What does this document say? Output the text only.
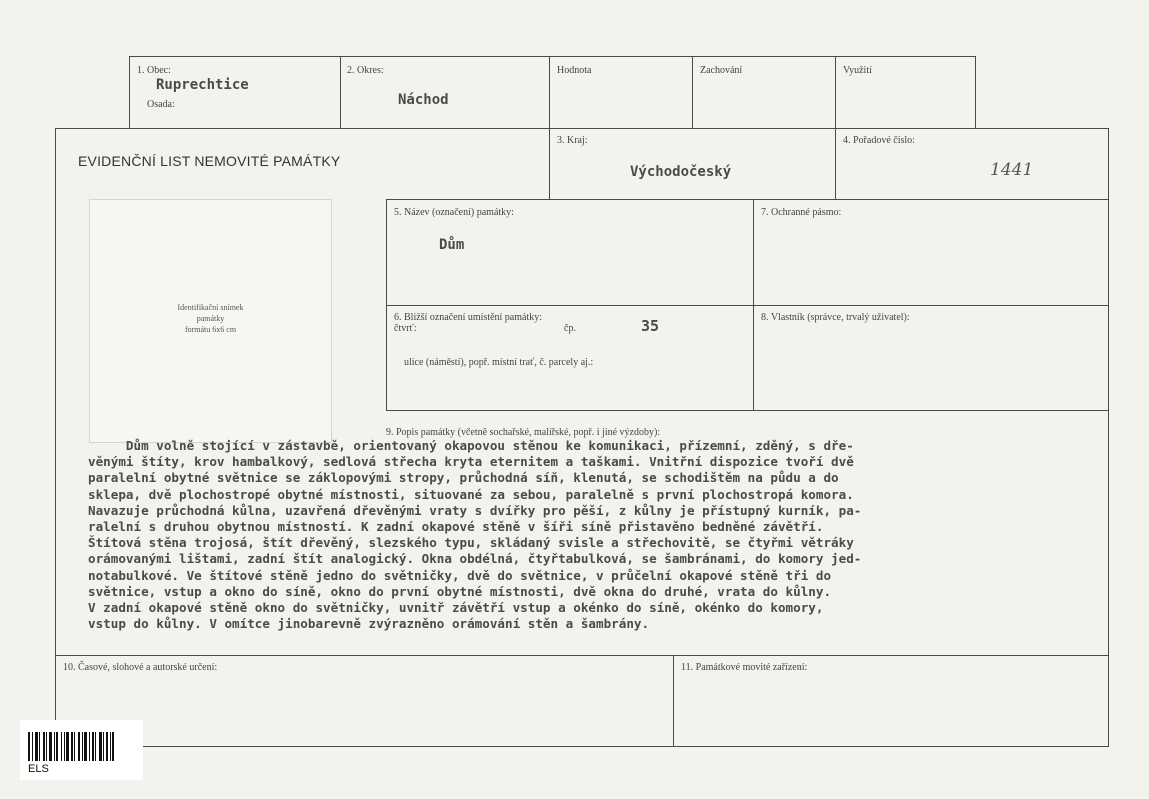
1. Obec:
Ruprechtice
Osada:
2. Okres:
Náchod
Hodnota	Zachování	Využití
EVIDENČNÍ LIST NEMOVITÉ PAMÁTKY
3. Kraj:
Východočeský
4. Pořadové číslo:
1441
Identifikační snímek
památky
formátu 6x6 cm
5. Název (označení) památky:
Dům
7. Ochranné pásmo:
6. Bližší označení umístění památky:
čtvrť:	čp.	35
ulice (náměstí), popř. místní trať, č. parcely aj.:
8. Vlastník (správce, trvalý uživatel):
9. Popis památky (včetně sochařské, malířské, popř. i jiné výzdoby):
Dům volně stojící v zástavbě, orientovaný okapovou stěnou ke komunikaci, přízemní, zděný, s dře-
věnými štíty, krov hambalkový, sedlová střecha kryta eternitem a taškami. Vnitřní dispozice tvoří dvě
paralelní obytné světnice se záklopovými stropy, průchodná síň, klenutá, se schodištěm na půdu a do
sklepa, dvě plochostropé obytné místnosti, situované za sebou, paralelně s první plochostropá komora.
Navazuje průchodná kůlna, uzavřená dřevěnými vraty s dvířky pro pěší, z kůlny je přístupný kurník, pa-
ralelní s druhou obytnou místností. K zadní okapové stěně v šíři síně přistavěno bedněné závětří.
Štítová stěna trojosá, štít dřevěný, slezského typu, skládaný svisle a střechovitě, se čtyřmi větráky
orámovanými lištami, zadní štít analogický. Okna obdélná, čtyřtabulková, se šambránami, do komory jed-
notabulkové. Ve štítové stěně jedno do světničky, dvě do světnice, v průčelní okapové stěně tři do
světnice, vstup a okno do síně, okno do první obytné místnosti, dvě okna do druhé, vrata do kůlny.
V zadní okapové stěně okno do světničky, uvnitř závětří vstup a okénko do síně, okénko do komory,
vstup do kůlny. V omítce jinobarevně zvýrazněno orámování stěn a šambrány.
10. Časové, slohové a autorské určení:	11. Památkové movité zařízení:
ELS
